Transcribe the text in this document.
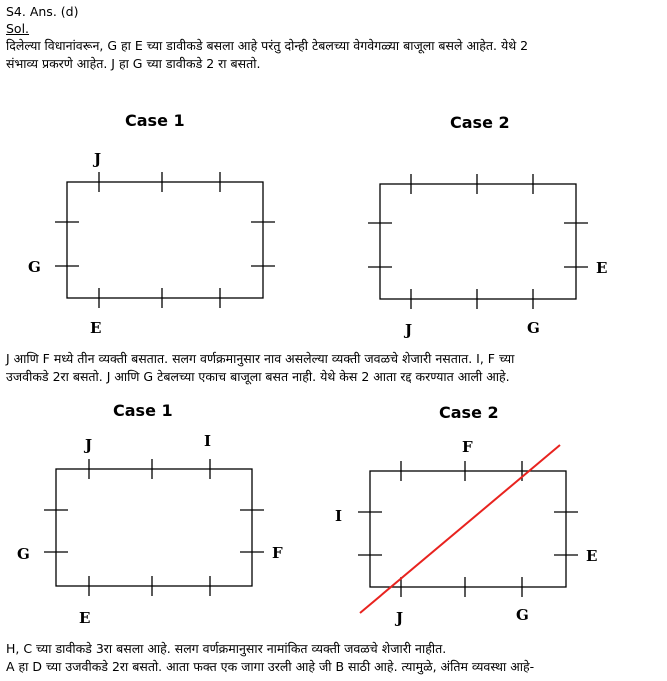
S4. Ans. (d)
Sol.
दिलेल्या विधानांवरून, G हा E च्या डावीकडे बसला आहे परंतु दोन्ही टेबलच्या वेगवेगळ्या बाजूला बसले आहेत. येथे 2
संभाव्य प्रकरणे आहेत. J हा G च्या डावीकडे 2 रा बसतो.
Case 1	Case 2
J आणि F मध्ये तीन व्यक्ती बसतात. सलग वर्णक्रमानुसार नाव असलेल्या व्यक्ती जवळचे शेजारी नसतात. I, F च्या
उजवीकडे 2रा बसतो. J आणि G टेबलच्या एकाच बाजूला बसत नाही. येथे केस 2 आता रद्द करण्यात आली आहे.
Case 1	Case 2
H, C च्या डावीकडे 3रा बसला आहे. सलग वर्णक्रमानुसार नामांकित व्यक्ती जवळचे शेजारी नाहीत.
A हा D च्या उजवीकडे 2रा बसतो. आता फक्त एक जागा उरली आहे जी B साठी आहे. त्यामुळे, अंतिम व्यवस्था आहे-
J
G
E
E
J	G
J	I
G	F
E
F
I
E
J	G
